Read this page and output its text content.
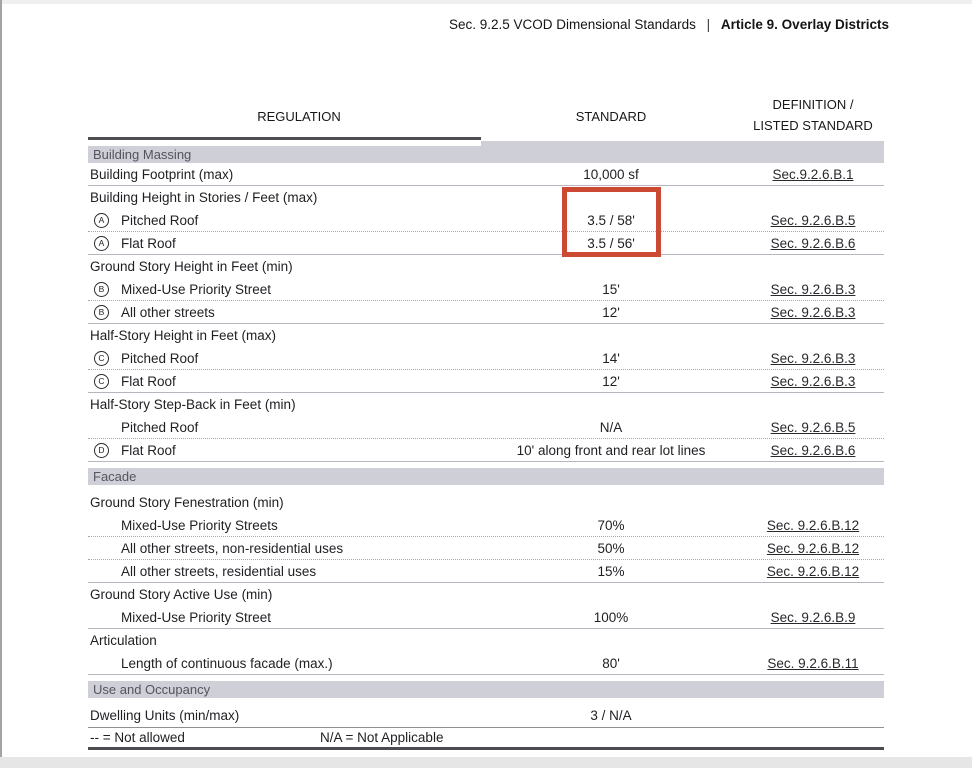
Sec. 9.2.5 VCOD Dimensional Standards | Article 9. Overlay Districts
REGULATION	STANDARD
DEFINITION /
LISTED STANDARD
Building Massing
Building Footprint (max)	10,000 sf	Sec.9.2.6.B.1
Building Height in Stories / Feet (max)
A	Pitched Roof	3.5 / 58'	Sec. 9.2.6.B.5
A	Flat Roof	3.5 / 56'	Sec. 9.2.6.B.6
Ground Story Height in Feet (min)
B	Mixed-Use Priority Street	15'	Sec. 9.2.6.B.3
B	All other streets	12'	Sec. 9.2.6.B.3
Half-Story Height in Feet (max)
C	Pitched Roof	14'	Sec. 9.2.6.B.3
C	Flat Roof	12'	Sec. 9.2.6.B.3
Half-Story Step-Back in Feet (min)
Pitched Roof	N/A	Sec. 9.2.6.B.5
D	Flat Roof	10' along front and rear lot lines	Sec. 9.2.6.B.6
Facade
Ground Story Fenestration (min)
Mixed-Use Priority Streets	70%	Sec. 9.2.6.B.12
All other streets, non-residential uses	50%	Sec. 9.2.6.B.12
All other streets, residential uses	15%	Sec. 9.2.6.B.12
Ground Story Active Use (min)
Mixed-Use Priority Street	100%	Sec. 9.2.6.B.9
Articulation
Length of continuous facade (max.)	80'	Sec. 9.2.6.B.11
Use and Occupancy
Dwelling Units (min/max)	3 / N/A
-- = Not allowed	N/A = Not Applicable
